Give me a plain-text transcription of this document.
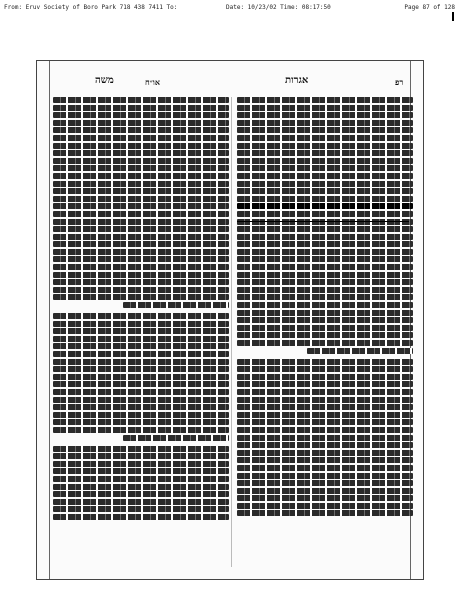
From: Eruv Society of Boro Park 718 438 7411 To:	Date: 10/23/02 Time: 08:17:50	Page 87 of 128
משה	או״ח	אגרות	רפ
